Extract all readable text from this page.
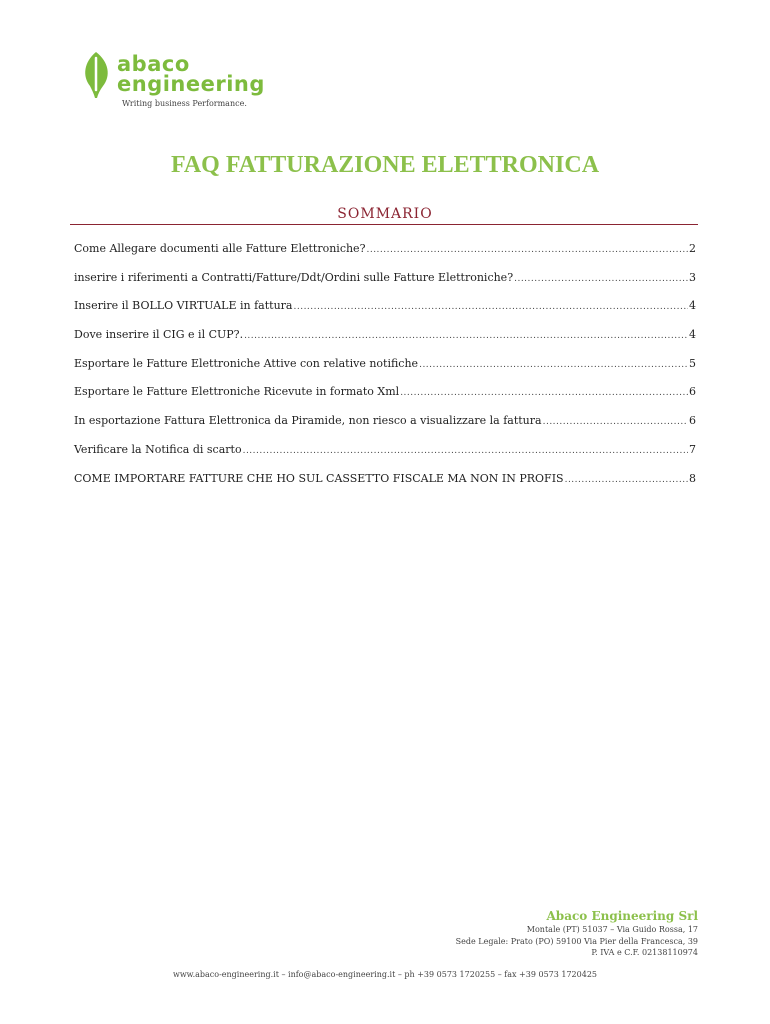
abaco
engineering
Writing business Performance.
FAQ FATTURAZIONE ELETTRONICA
SOMMARIO
Come Allegare documenti alle Fatture Elettroniche? .....	2
inserire i riferimenti a Contratti/Fatture/Ddt/Ordini sulle Fatture Elettroniche? .....	3
Inserire il BOLLO VIRTUALE in fattura .....	4
Dove inserire il CIG e il CUP?. .....	4
Esportare le Fatture Elettroniche Attive con relative notifiche .....	5
Esportare le Fatture Elettroniche Ricevute in formato Xml .....	6
In esportazione Fattura Elettronica da Piramide, non riesco a visualizzare la fattura .....	6
Verificare la Notifica di scarto .....	7
COME IMPORTARE FATTURE CHE HO SUL CASSETTO FISCALE MA NON IN PROFIS .....	8
Abaco Engineering Srl
Montale (PT) 51037 – Via Guido Rossa, 17
Sede Legale: Prato (PO) 59100 Via Pier della Francesca, 39
P. IVA e C.F. 02138110974
www.abaco-engineering.it – info@abaco-engineering.it – ph +39 0573 1720255 – fax +39 0573 1720425
